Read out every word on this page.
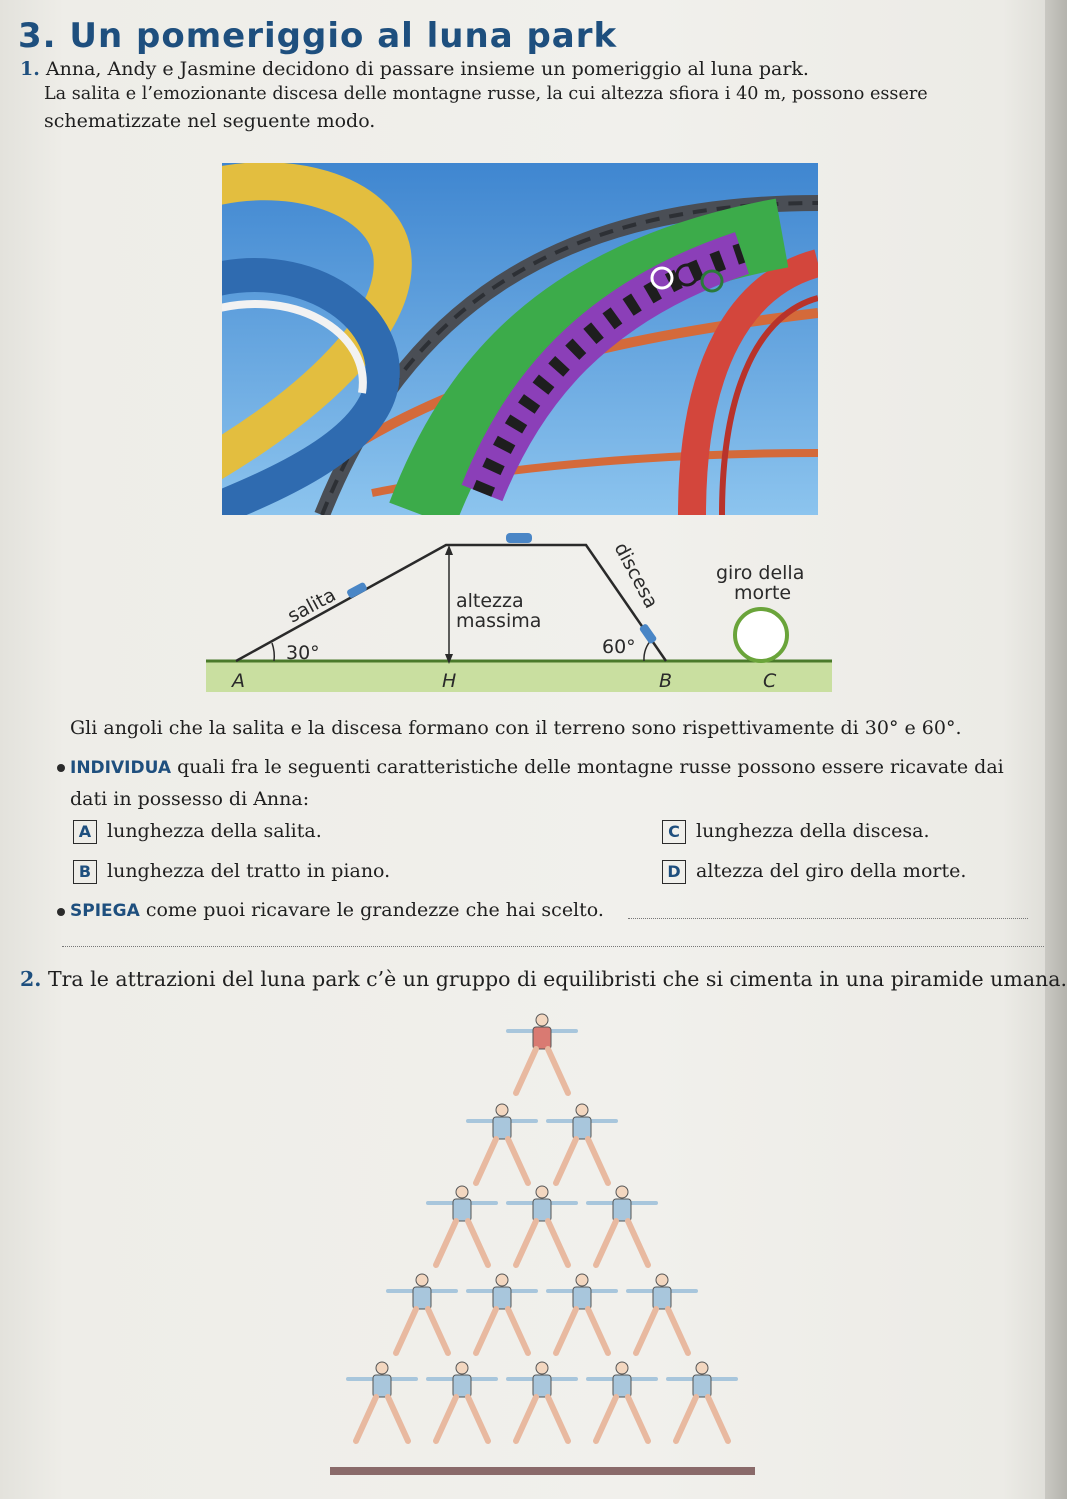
3. Un pomeriggio al luna park
1. Anna, Andy e Jasmine decidono di passare insieme un pomeriggio al luna park.
La salita e l’emozionante discesa delle montagne russe, la cui altezza sfiora i 40 m, possono essere
schematizzate nel seguente modo.
salita	altezza
massima
discesa	giro della
morte
30°	60°
A	H	B	C
Gli angoli che la salita e la discesa formano con il terreno sono rispettivamente di 30° e 60°.
INDIVIDUA quali fra le seguenti caratteristiche delle montagne russe possono essere ricavate dai
dati in possesso di Anna:
A lunghezza della salita.
B lunghezza del tratto in piano.
C lunghezza della discesa.
D altezza del giro della morte.
SPIEGA come puoi ricavare le grandezze che hai scelto.
2. Tra le attrazioni del luna park c’è un gruppo di equilibristi che si cimenta in una piramide umana.
